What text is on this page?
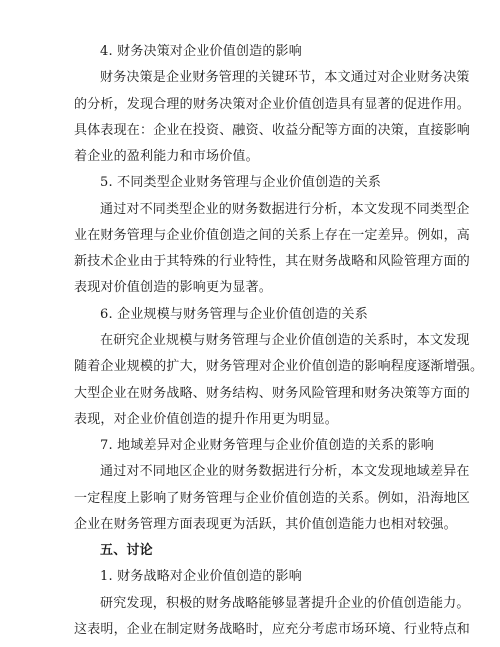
4. 财务决策对企业价值创造的影响
财务决策是企业财务管理的关键环节，本文通过对企业财务决策
的分析，发现合理的财务决策对企业价值创造具有显著的促进作用。
具体表现在：企业在投资、融资、收益分配等方面的决策，直接影响
着企业的盈利能力和市场价值。
5. 不同类型企业财务管理与企业价值创造的关系
通过对不同类型企业的财务数据进行分析，本文发现不同类型企
业在财务管理与企业价值创造之间的关系上存在一定差异。例如，高
新技术企业由于其特殊的行业特性，其在财务战略和风险管理方面的
表现对价值创造的影响更为显著。
6. 企业规模与财务管理与企业价值创造的关系
在研究企业规模与财务管理与企业价值创造的关系时，本文发现
随着企业规模的扩大，财务管理对企业价值创造的影响程度逐渐增强。
大型企业在财务战略、财务结构、财务风险管理和财务决策等方面的
表现，对企业价值创造的提升作用更为明显。
7. 地域差异对企业财务管理与企业价值创造的关系的影响
通过对不同地区企业的财务数据进行分析，本文发现地域差异在
一定程度上影响了财务管理与企业价值创造的关系。例如，沿海地区
企业在财务管理方面表现更为活跃，其价值创造能力也相对较强。
五、讨论
1. 财务战略对企业价值创造的影响
研究发现，积极的财务战略能够显著提升企业的价值创造能力。
这表明，企业在制定财务战略时，应充分考虑市场环境、行业特点和
